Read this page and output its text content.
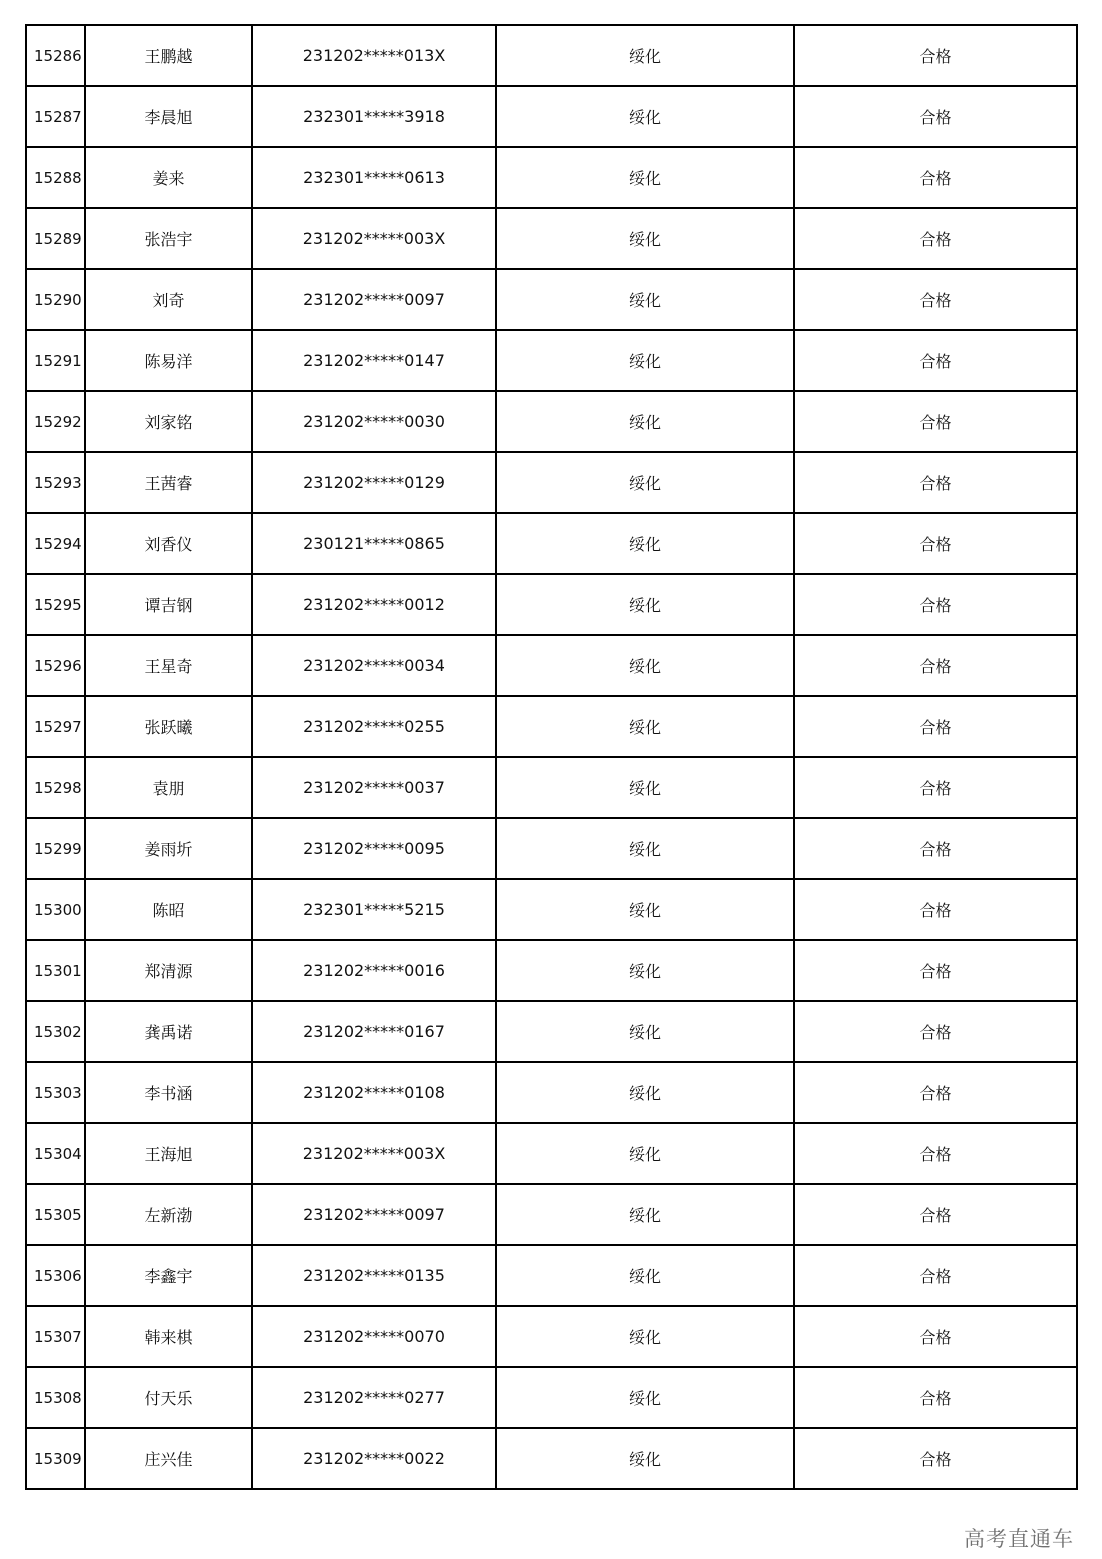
15286	王鹏越	231202*****013X	绥化	合格
15287	李晨旭	232301*****3918	绥化	合格
15288	姜来	232301*****0613	绥化	合格
15289	张浩宇	231202*****003X	绥化	合格
15290	刘奇	231202*****0097	绥化	合格
15291	陈易洋	231202*****0147	绥化	合格
15292	刘家铭	231202*****0030	绥化	合格
15293	王茜睿	231202*****0129	绥化	合格
15294	刘香仪	230121*****0865	绥化	合格
15295	谭吉钢	231202*****0012	绥化	合格
15296	王星奇	231202*****0034	绥化	合格
15297	张跃曦	231202*****0255	绥化	合格
15298	袁朋	231202*****0037	绥化	合格
15299	姜雨圻	231202*****0095	绥化	合格
15300	陈昭	232301*****5215	绥化	合格
15301	郑清源	231202*****0016	绥化	合格
15302	龚禹诺	231202*****0167	绥化	合格
15303	李书涵	231202*****0108	绥化	合格
15304	王海旭	231202*****003X	绥化	合格
15305	左新渤	231202*****0097	绥化	合格
15306	李鑫宇	231202*****0135	绥化	合格
15307	韩来棋	231202*****0070	绥化	合格
15308	付天乐	231202*****0277	绥化	合格
15309	庄兴佳	231202*****0022	绥化	合格
高考直通车
